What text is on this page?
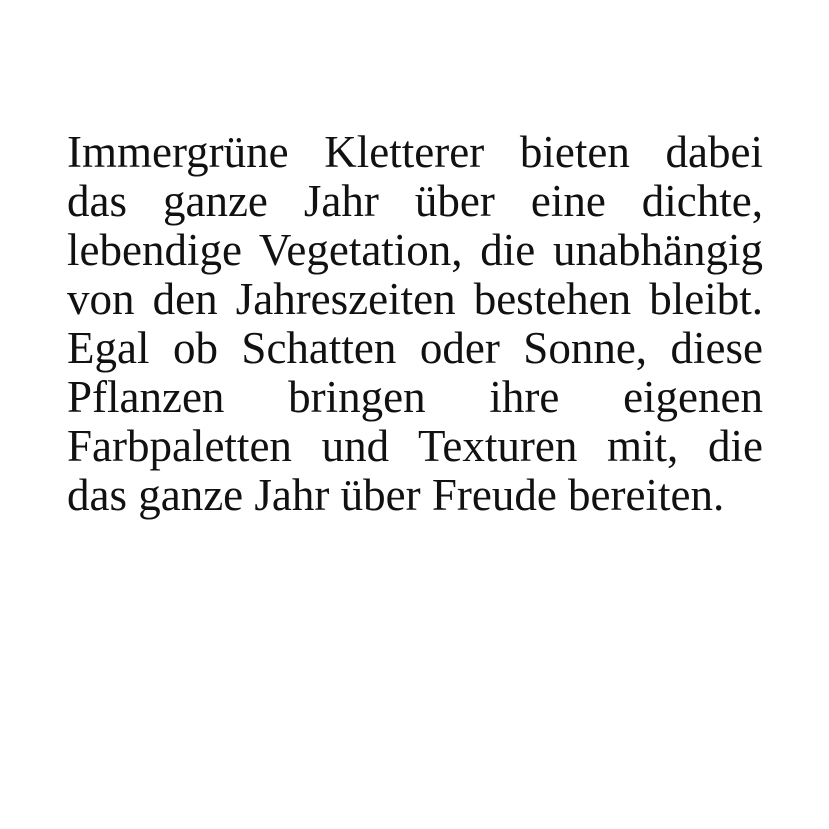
Immergrüne Kletterer bieten dabei
das ganze Jahr über eine dichte,
lebendige Vegetation, die unabhängig
von den Jahreszeiten bestehen bleibt.
Egal ob Schatten oder Sonne, diese
Pflanzen bringen ihre eigenen
Farbpaletten und Texturen mit, die
das ganze Jahr über Freude bereiten.
